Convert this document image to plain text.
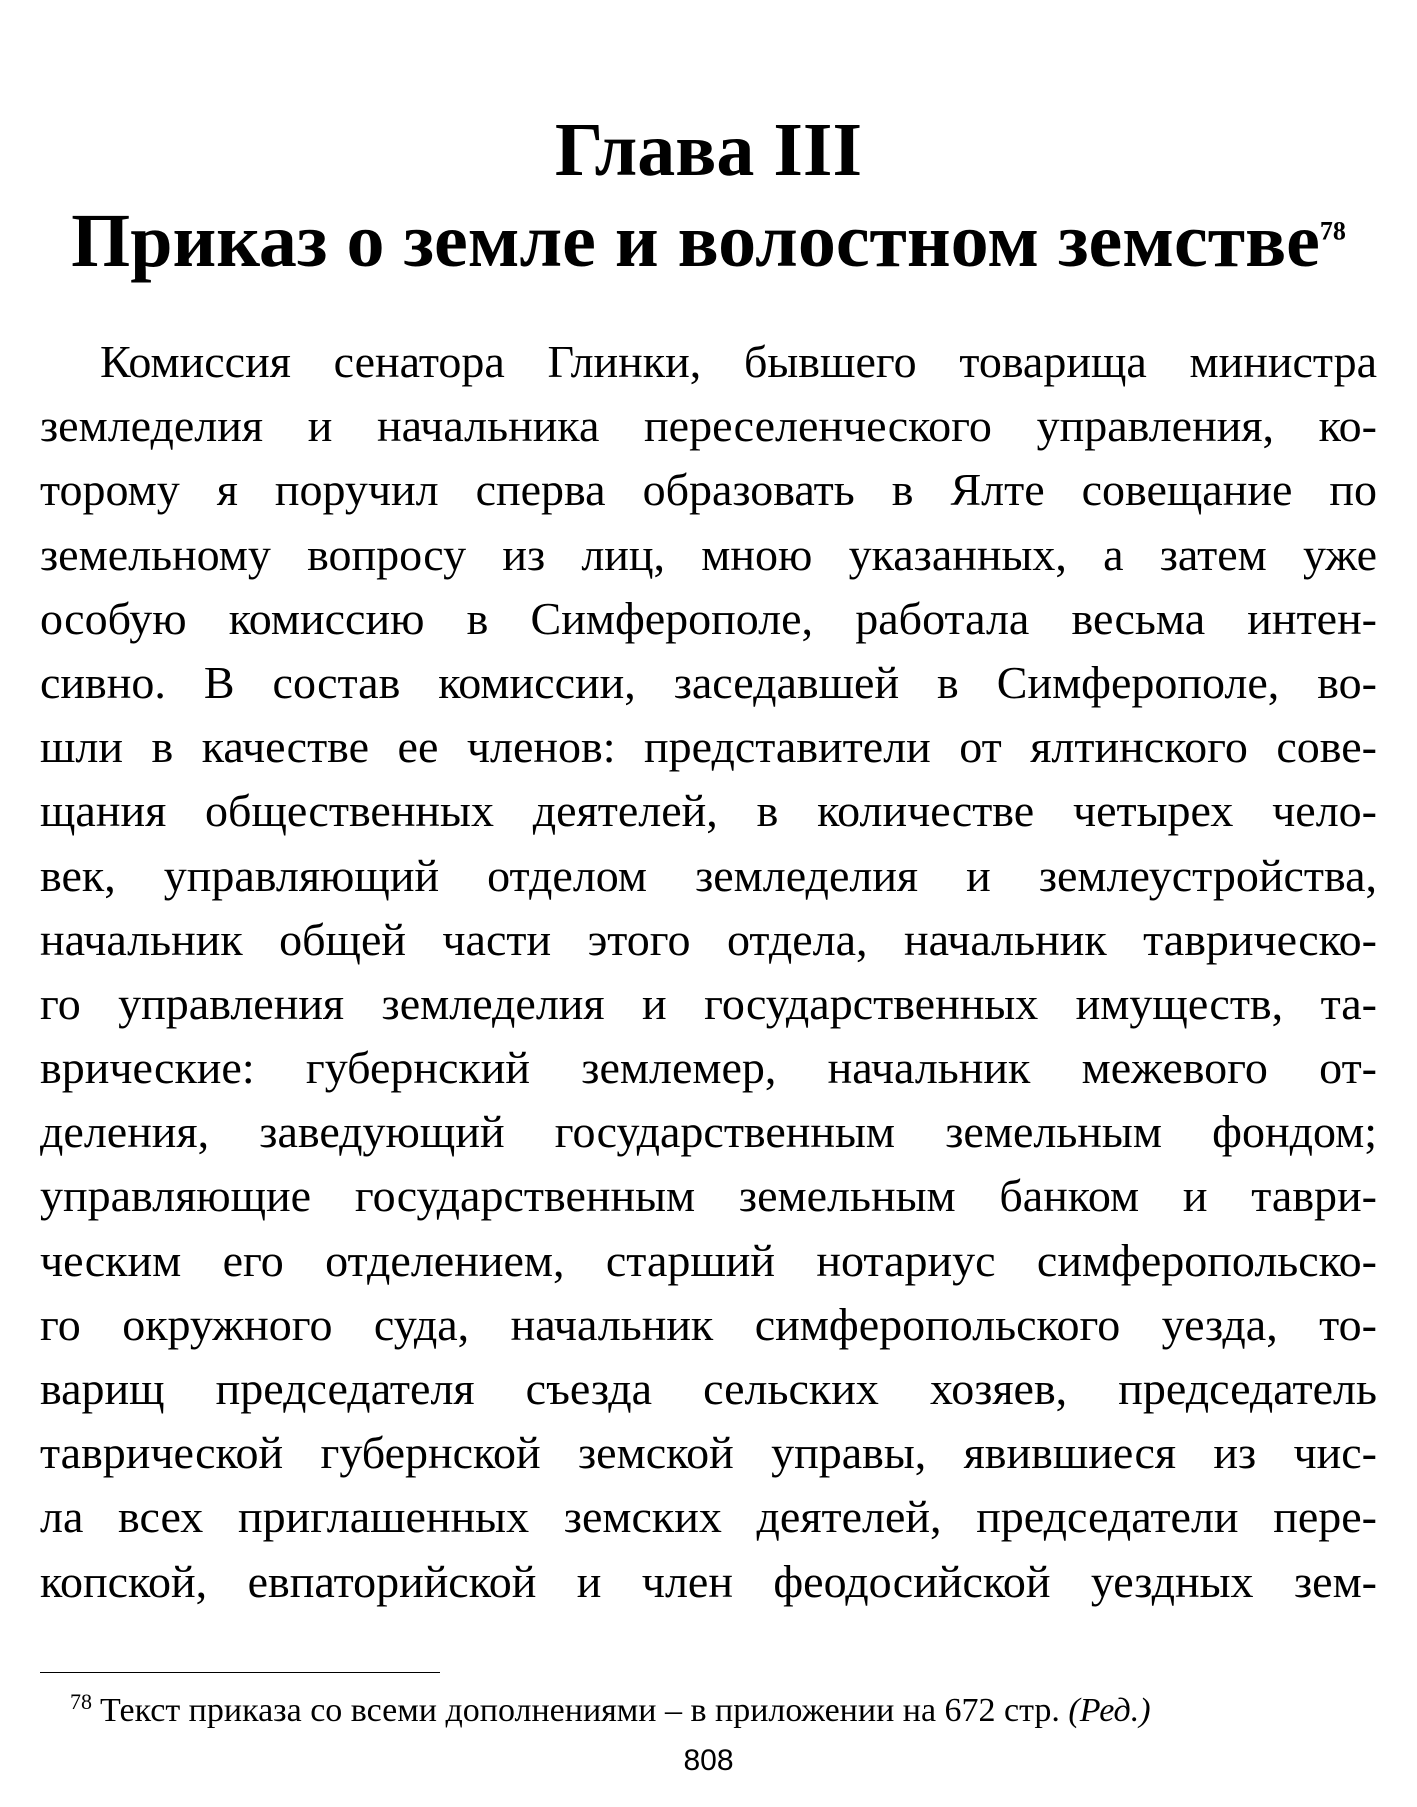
Глава III
Приказ о земле и волостном земстве$^{78}$
Комиссия сенатора Глинки, бывшего товарища министра
земледелия и начальника переселенческого управления, ко-
торому я поручил сперва образовать в Ялте совещание по
земельному вопросу из лиц, мною указанных, а затем уже
особую комиссию в Симферополе, работала весьма интен-
сивно. В состав комиссии, заседавшей в Симферополе, во-
шли в качестве ее членов: представители от ялтинского сове-
щания общественных деятелей, в количестве четырех чело-
век, управляющий отделом земледелия и землеустройства,
начальник общей части этого отдела, начальник таврическо-
го управления земледелия и государственных имуществ, та-
врические: губернский землемер, начальник межевого от-
деления, заведующий государственным земельным фондом;
управляющие государственным земельным банком и таври-
ческим его отделением, старший нотариус симферопольско-
го окружного суда, начальник симферопольского уезда, то-
варищ председателя съезда сельских хозяев, председатель
таврической губернской земской управы, явившиеся из чис-
ла всех приглашенных земских деятелей, председатели пере-
копской, евпаторийской и член феодосийской уездных зем-
$^{78}$ Текст приказа со всеми дополнениями – в приложении на 672 стр. (Ред.)
808
